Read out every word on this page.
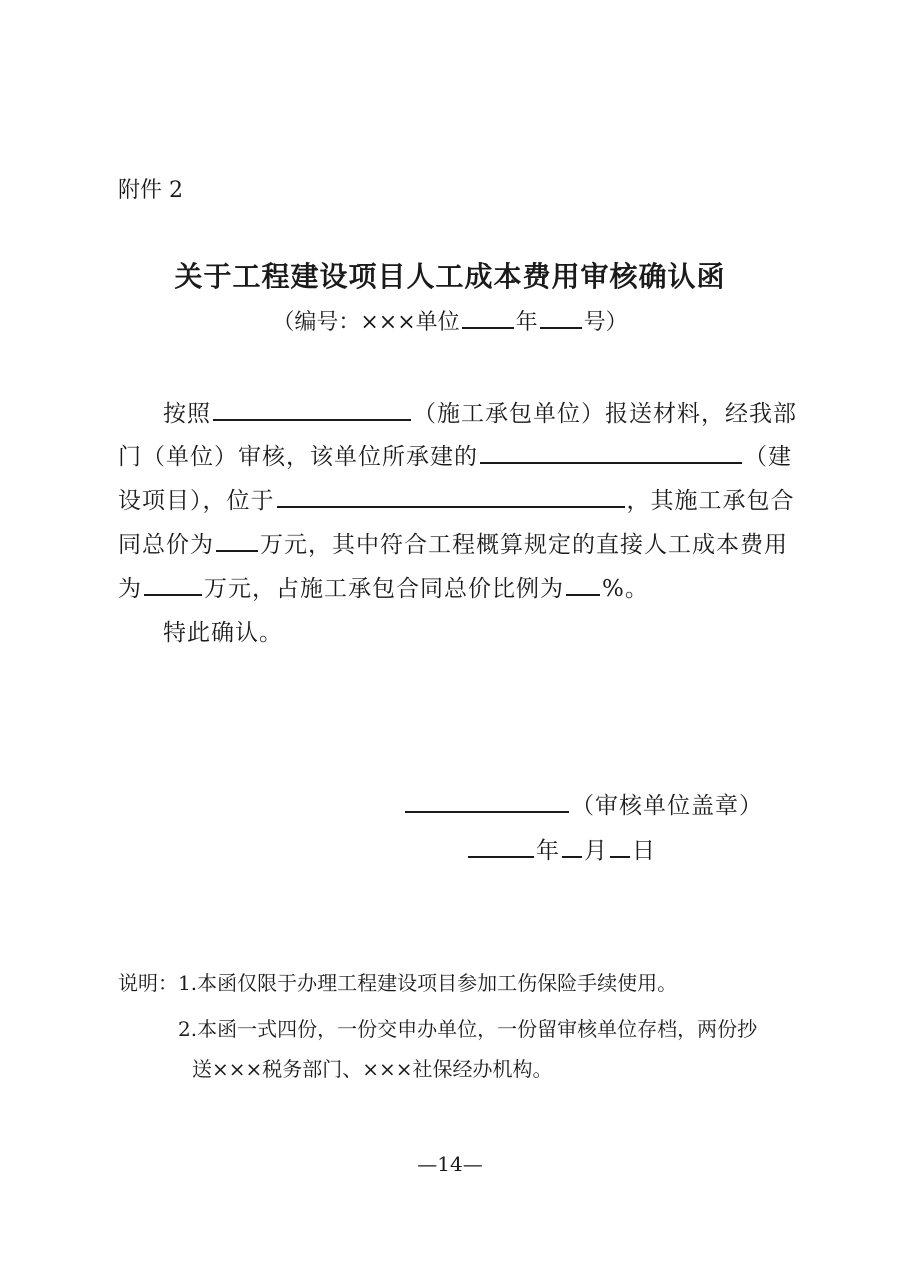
附件 2
关于工程建设项目人工成本费用审核确认函
（编号：×××单位	年 号）
按照	（施工承包单位）报送材料，经我部
门（单位）审核，该单位所承建的	（建
设项目），位于	，其施工承包合
同总价为 万元，其中符合工程概算规定的直接人工成本费用
为	万元，占施工承包合同总价比例为 %。
特此确认。
（审核单位盖章）
年 月 日
说明：1.本函仅限于办理工程建设项目参加工伤保险手续使用。
2.本函一式四份，一份交申办单位，一份留审核单位存档，两份抄
送×××税务部门、×××社保经办机构。
—14—
